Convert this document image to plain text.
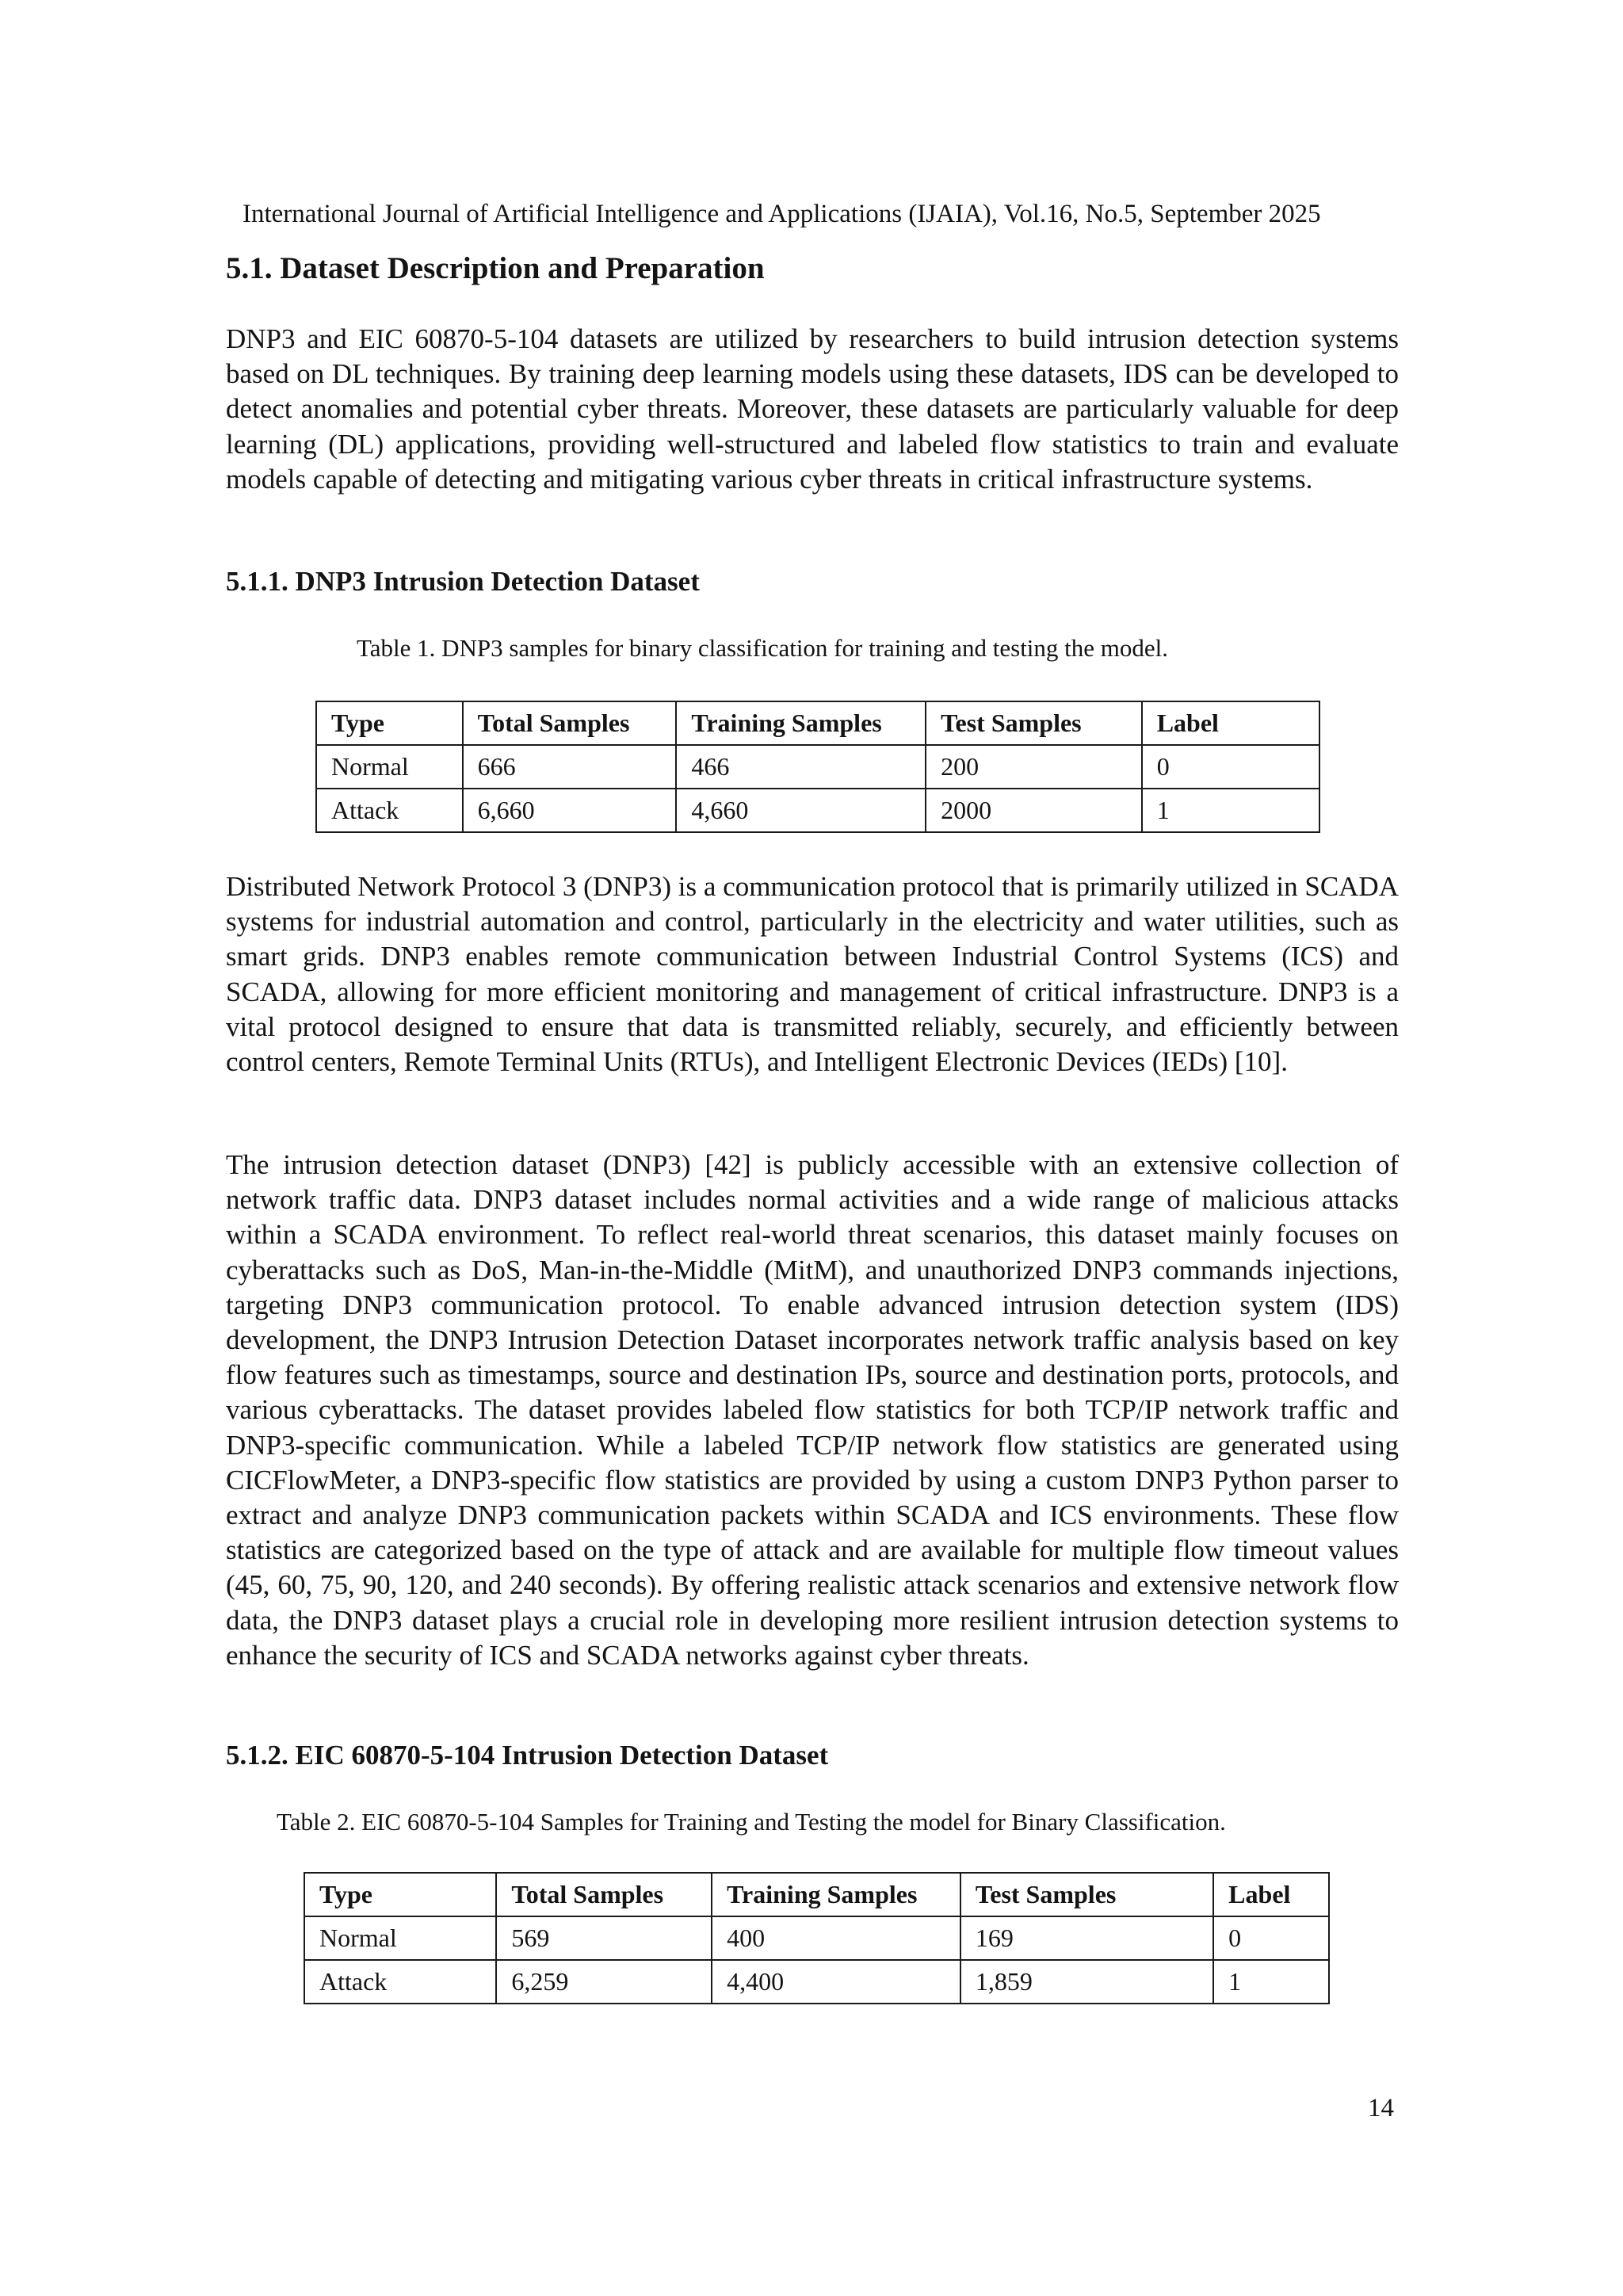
International Journal of Artificial Intelligence and Applications (IJAIA), Vol.16, No.5, September 2025
5.1. Dataset Description and Preparation

DNP3 and EIC 60870-5-104 datasets are utilized by researchers to build intrusion detection systems based on DL techniques. By training deep learning models using these datasets, IDS can be developed to detect anomalies and potential cyber threats. Moreover, these datasets are particularly valuable for deep learning (DL) applications, providing well-structured and labeled flow statistics to train and evaluate models capable of detecting and mitigating various cyber threats in critical infrastructure systems.

5.1.1. DNP3 Intrusion Detection Dataset
Table 1. DNP3 samples for binary classification for training and testing the model.
Type	Total Samples	Training Samples	Test Samples	Label
Normal	666	466	200	0
Attack	6,660	4,660	2000	1

Distributed Network Protocol 3 (DNP3) is a communication protocol that is primarily utilized in SCADA systems for industrial automation and control, particularly in the electricity and water utilities, such as smart grids. DNP3 enables remote communication between Industrial Control Systems (ICS) and SCADA, allowing for more efficient monitoring and management of critical infrastructure. DNP3 is a vital protocol designed to ensure that data is transmitted reliably, securely, and efficiently between control centers, Remote Terminal Units (RTUs), and Intelligent Electronic Devices (IEDs) [10].

The intrusion detection dataset (DNP3) [42] is publicly accessible with an extensive collection of network traffic data. DNP3 dataset includes normal activities and a wide range of malicious attacks within a SCADA environment. To reflect real-world threat scenarios, this dataset mainly focuses on cyberattacks such as DoS, Man-in-the-Middle (MitM), and unauthorized DNP3 commands injections, targeting DNP3 communication protocol. To enable advanced intrusion detection system (IDS) development, the DNP3 Intrusion Detection Dataset incorporates network traffic analysis based on key flow features such as timestamps, source and destination IPs, source and destination ports, protocols, and various cyberattacks. The dataset provides labeled flow statistics for both TCP/IP network traffic and DNP3-specific communication. While a labeled TCP/IP network flow statistics are generated using CICFlowMeter, a DNP3-specific flow statistics are provided by using a custom DNP3 Python parser to extract and analyze DNP3 communication packets within SCADA and ICS environments. These flow statistics are categorized based on the type of attack and are available for multiple flow timeout values (45, 60, 75, 90, 120, and 240 seconds). By offering realistic attack scenarios and extensive network flow data, the DNP3 dataset plays a crucial role in developing more resilient intrusion detection systems to enhance the security of ICS and SCADA networks against cyber threats.

5.1.2. EIC 60870-5-104 Intrusion Detection Dataset
Table 2. EIC 60870-5-104 Samples for Training and Testing the model for Binary Classification.
Type	Total Samples	Training Samples	Test Samples	Label
Normal	569	400	169	0
Attack	6,259	4,400	1,859	1
14
